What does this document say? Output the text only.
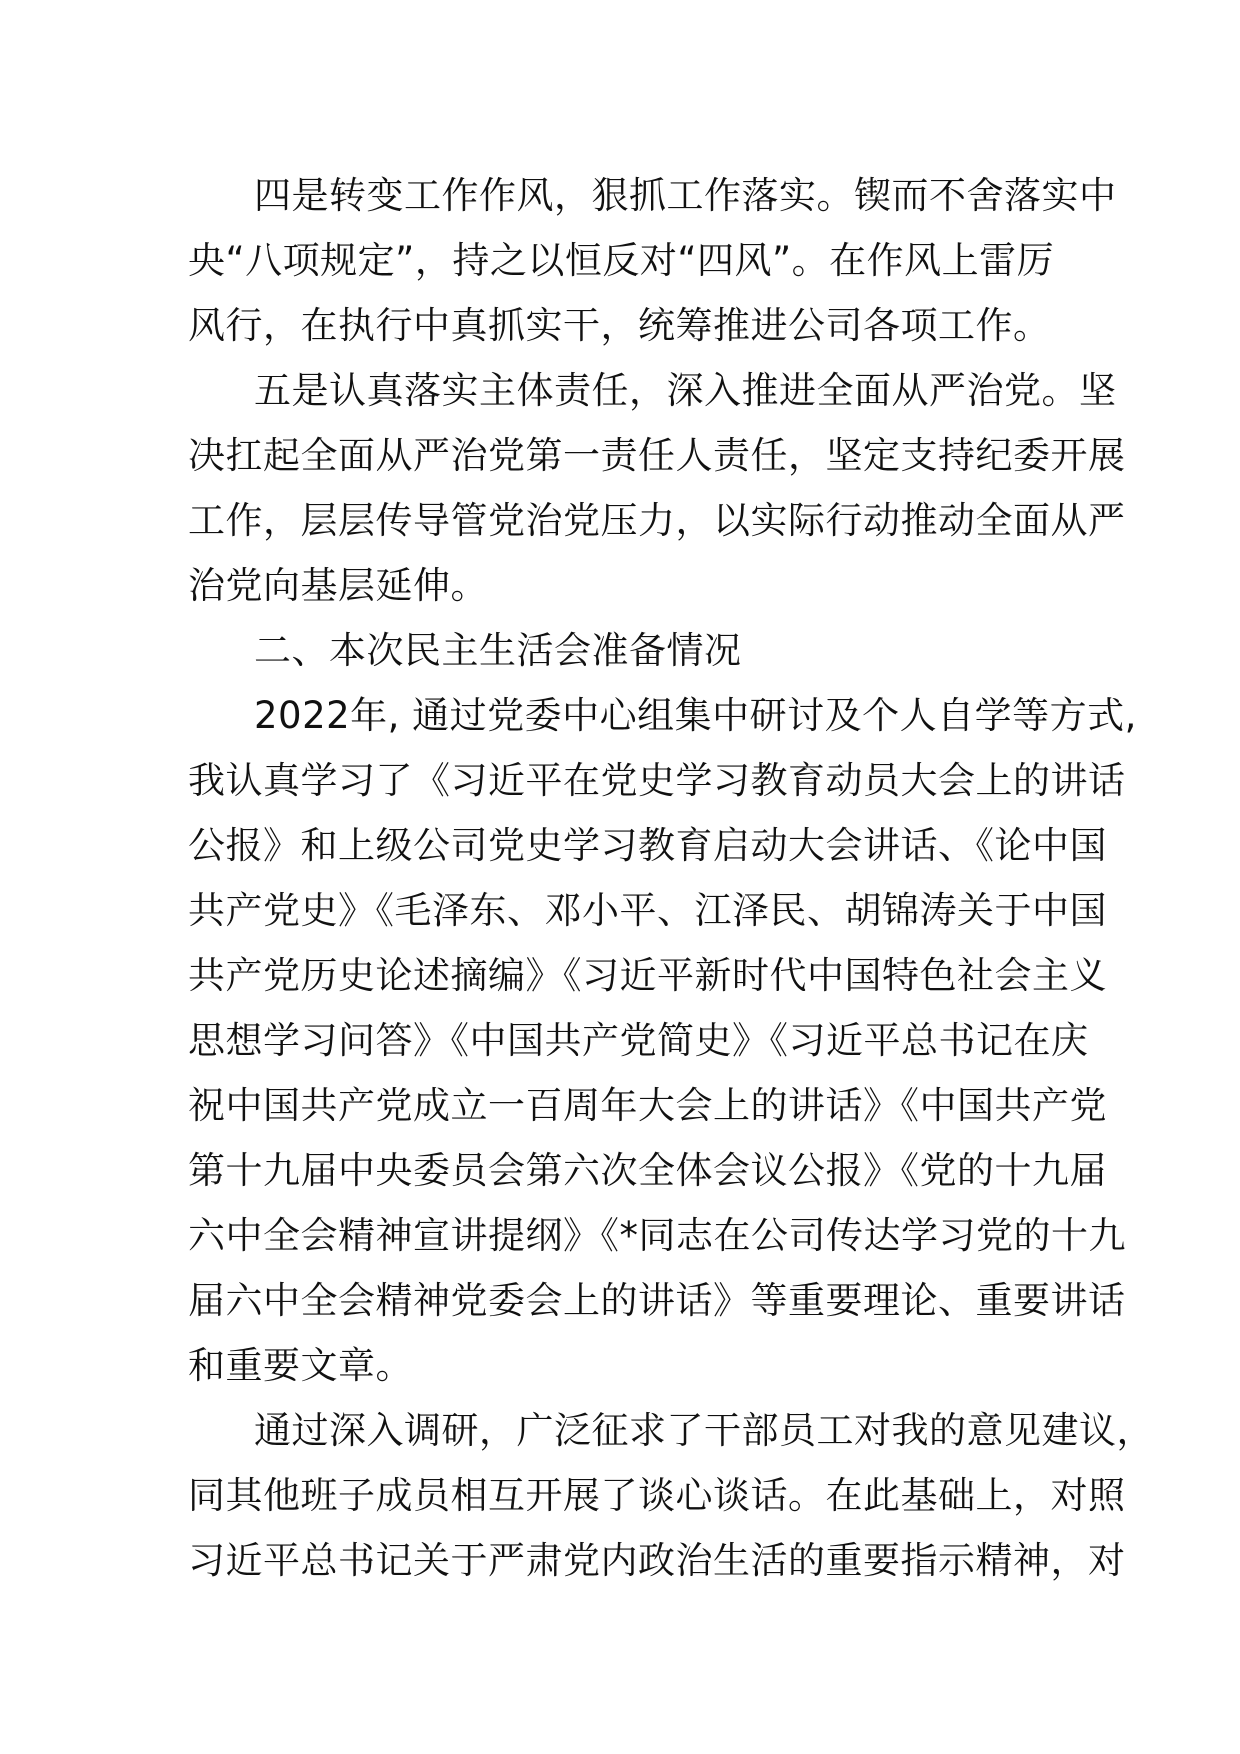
四是转变工作作风，狠抓工作落实。锲而不舍落实中
央“八项规定”，持之以恒反对“四风”。在作风上雷厉
风行，在执行中真抓实干，统筹推进公司各项工作。
五是认真落实主体责任，深入推进全面从严治党。坚
决扛起全面从严治党第一责任人责任，坚定支持纪委开展
工作，层层传导管党治党压力，以实际行动推动全面从严
治党向基层延伸。
二、本次民主生活会准备情况
2022年, 通过党委中心组集中研讨及个人自学等方式,
我认真学习了《习近平在党史学习教育动员大会上的讲话
公报》和上级公司党史学习教育启动大会讲话、《论中国
共产党史》《毛泽东、邓小平、江泽民、胡锦涛关于中国
共产党历史论述摘编》《习近平新时代中国特色社会主义
思想学习问答》《中国共产党简史》《习近平总书记在庆
祝中国共产党成立一百周年大会上的讲话》《中国共产党
第十九届中央委员会第六次全体会议公报》《党的十九届
六中全会精神宣讲提纲》《*同志在公司传达学习党的十九
届六中全会精神党委会上的讲话》等重要理论、重要讲话
和重要文章。
通过深入调研，广泛征求了干部员工对我的意见建议，
同其他班子成员相互开展了谈心谈话。在此基础上，对照
习近平总书记关于严肃党内政治生活的重要指示精神，对
